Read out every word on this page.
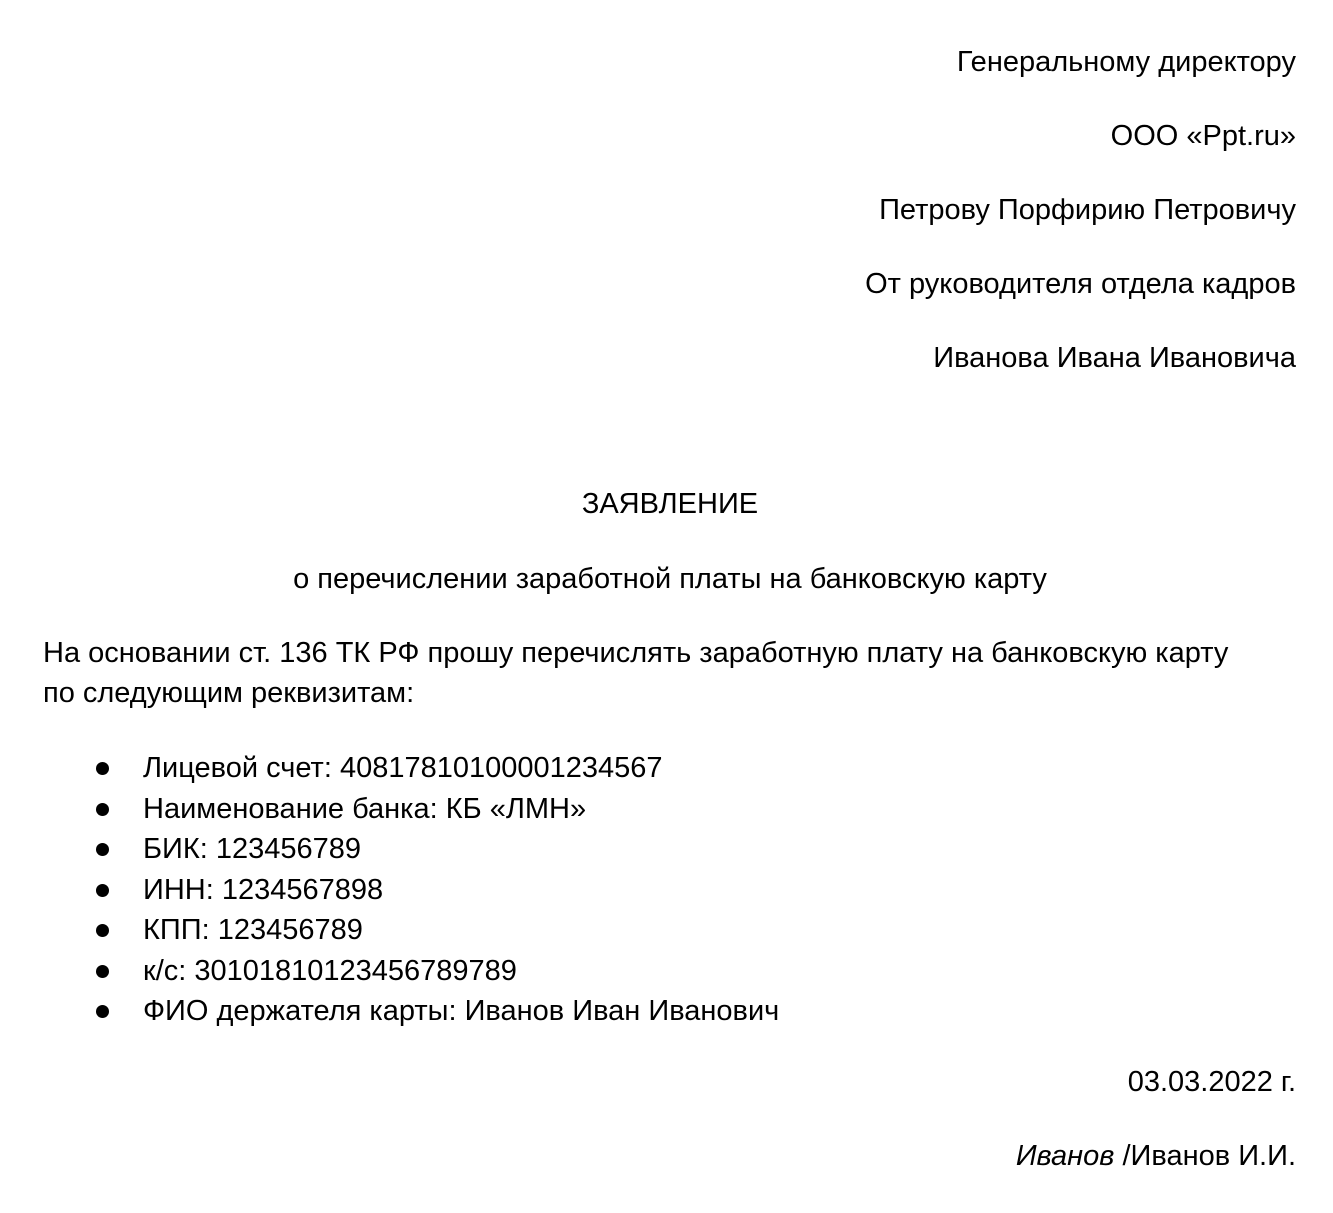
Генеральному директору
ООО «Ppt.ru»
Петрову Порфирию Петровичу
От руководителя отдела кадров
Иванова Ивана Ивановича
ЗАЯВЛЕНИЕ
о перечислении заработной платы на банковскую карту
На основании ст. 136 ТК РФ прошу перечислять заработную плату на банковскую карту по следующим реквизитам:
Лицевой счет: 40817810100001234567
Наименование банка: КБ «ЛМН»
БИК: 123456789
ИНН: 1234567898
КПП: 123456789
к/с: 30101810123456789789
ФИО держателя карты: Иванов Иван Иванович
03.03.2022 г.
Иванов /Иванов И.И.
